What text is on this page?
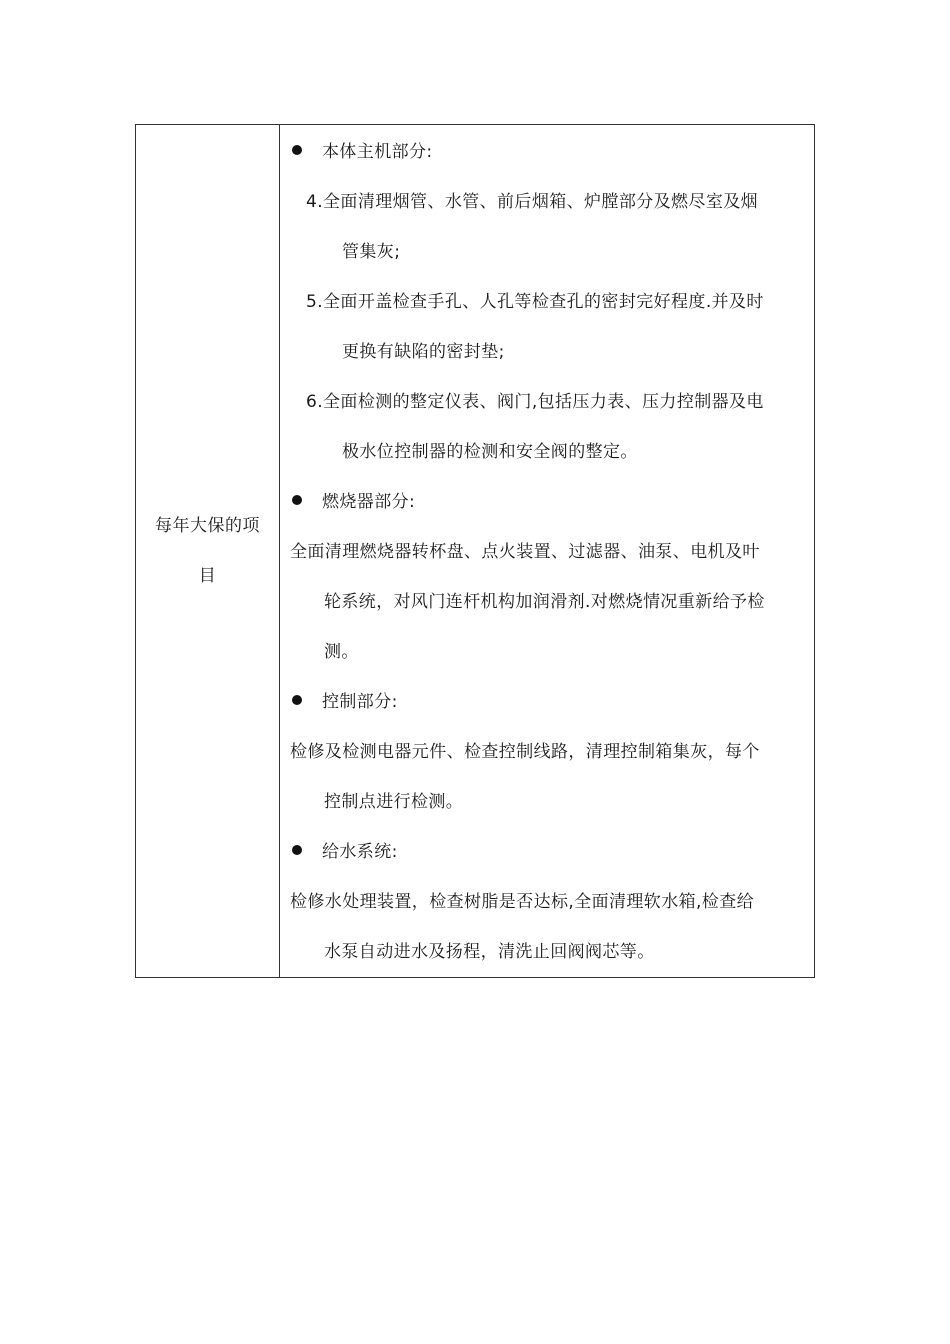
每年大保的项
目

本体主机部分:
4.全面清理烟管、水管、前后烟箱、炉膛部分及燃尽室及烟
管集灰;
5.全面开盖检查手孔、人孔等检查孔的密封完好程度.并及时
更换有缺陷的密封垫;
6.全面检测的整定仪表、阀门,包括压力表、压力控制器及电
极水位控制器的检测和安全阀的整定。
燃烧器部分:
全面清理燃烧器转杯盘、点火装置、过滤器、油泵、电机及叶
轮系统，对风门连杆机构加润滑剂.对燃烧情况重新给予检
测。
控制部分:
检修及检测电器元件、检查控制线路，清理控制箱集灰，每个
控制点进行检测。
给水系统:
检修水处理装置，检查树脂是否达标,全面清理软水箱,检查给
水泵自动进水及扬程，清洗止回阀阀芯等。
